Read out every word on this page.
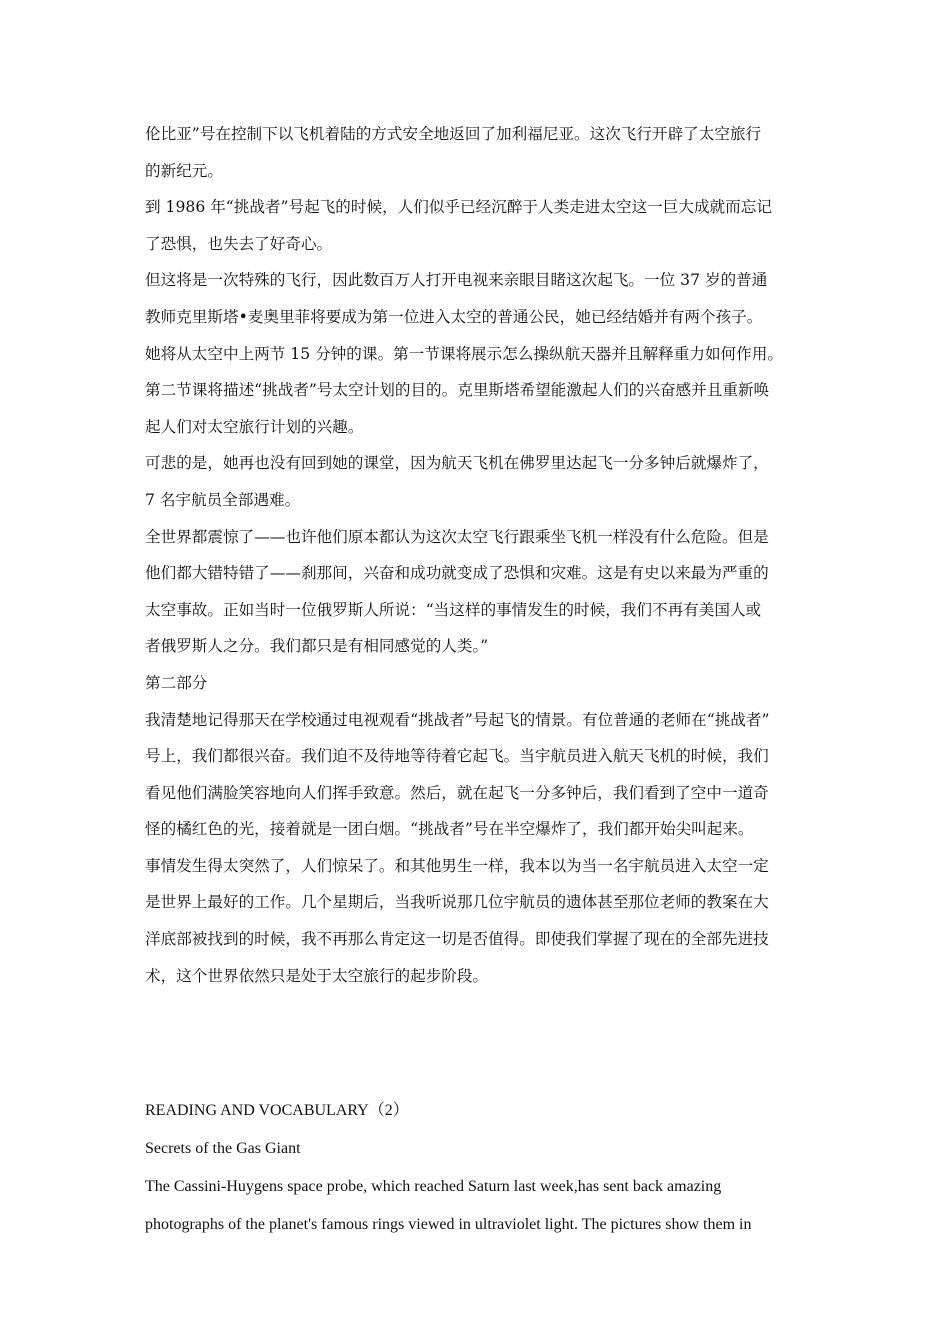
伦比亚”号在控制下以飞机着陆的方式安全地返回了加利福尼亚。这次飞行开辟了太空旅行
的新纪元。
到 1986 年“挑战者”号起飞的时候，人们似乎已经沉醉于人类走进太空这一巨大成就而忘记
了恐惧，也失去了好奇心。
但这将是一次特殊的飞行，因此数百万人打开电视来亲眼目睹这次起飞。一位 37 岁的普通
教师克里斯塔•麦奥里菲将要成为第一位进入太空的普通公民，她已经结婚并有两个孩子。
她将从太空中上两节 15 分钟的课。第一节课将展示怎么操纵航天器并且解释重力如何作用。
第二节课将描述“挑战者”号太空计划的目的。克里斯塔希望能激起人们的兴奋感并且重新唤
起人们对太空旅行计划的兴趣。
可悲的是，她再也没有回到她的课堂，因为航天飞机在佛罗里达起飞一分多钟后就爆炸了，
7 名宇航员全部遇难。
全世界都震惊了——也许他们原本都认为这次太空飞行跟乘坐飞机一样没有什么危险。但是
他们都大错特错了——刹那间，兴奋和成功就变成了恐惧和灾难。这是有史以来最为严重的
太空事故。正如当时一位俄罗斯人所说：“当这样的事情发生的时候，我们不再有美国人或
者俄罗斯人之分。我们都只是有相同感觉的人类。”
第二部分
我清楚地记得那天在学校通过电视观看“挑战者”号起飞的情景。有位普通的老师在“挑战者”
号上，我们都很兴奋。我们迫不及待地等待着它起飞。当宇航员进入航天飞机的时候，我们
看见他们满脸笑容地向人们挥手致意。然后，就在起飞一分多钟后，我们看到了空中一道奇
怪的橘红色的光，接着就是一团白烟。“挑战者”号在半空爆炸了，我们都开始尖叫起来。
事情发生得太突然了，人们惊呆了。和其他男生一样，我本以为当一名宇航员进入太空一定
是世界上最好的工作。几个星期后，当我听说那几位宇航员的遗体甚至那位老师的教案在大
洋底部被找到的时候，我不再那么肯定这一切是否值得。即使我们掌握了现在的全部先进技
术，这个世界依然只是处于太空旅行的起步阶段。
READING AND VOCABULARY（2）
Secrets of the Gas Giant
The Cassini-Huygens space probe, which reached Saturn last week,has sent back amazing
photographs of the planet's famous rings viewed in ultraviolet light. The pictures show them in
